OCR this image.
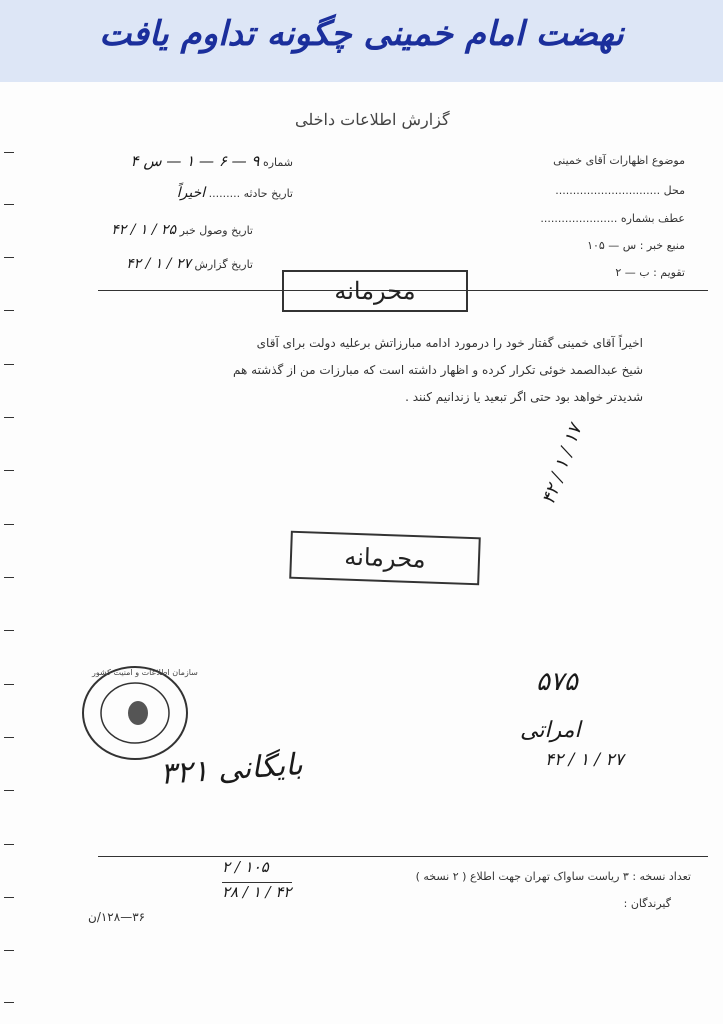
نهضت امام خمینی چگونه تداوم یافت
گزارش اطلاعات داخلی
شماره ۹ — ۶ — ۱ — س ۴
تاریخ حادثه ......... اخیراً
تاریخ وصول خبر ۲۵ / ۱ / ۴۲
تاریخ گزارش ۲۷ / ۱ / ۴۲
موضوع اظهارات آقای خمینی
محل ..............................
عطف بشماره ......................
منبع خبر : س — ۱۰۵
تقویم : ب — ۲
محرمانه
اخیراً آقای خمینی گفتار خود را درمورد ادامه مبارزاتش برعلیه دولت برای آقای
شیخ عبدالصمد خوئی تکرار کرده و اظهار داشته است که مبارزات من از گذشته هم
شدیدتر خواهد بود حتی اگر تبعید یا زندانیم کنند .
۱۷ / ۱ / ۴۲
محرمانه
سازمان اطلاعات و امنیت کشور	۵۷۵
امراتی
۲۷ / ۱ / ۴۲
بایگانی ۳۲۱
تعداد نسخه : ۳ ریاست ساواک تهران جهت اطلاع ( ۲ نسخه )
گیرندگان :
۱۰۵ / ۲
۴۲ / ۱ / ۲۸
۳۶—۱۲۸/ن
